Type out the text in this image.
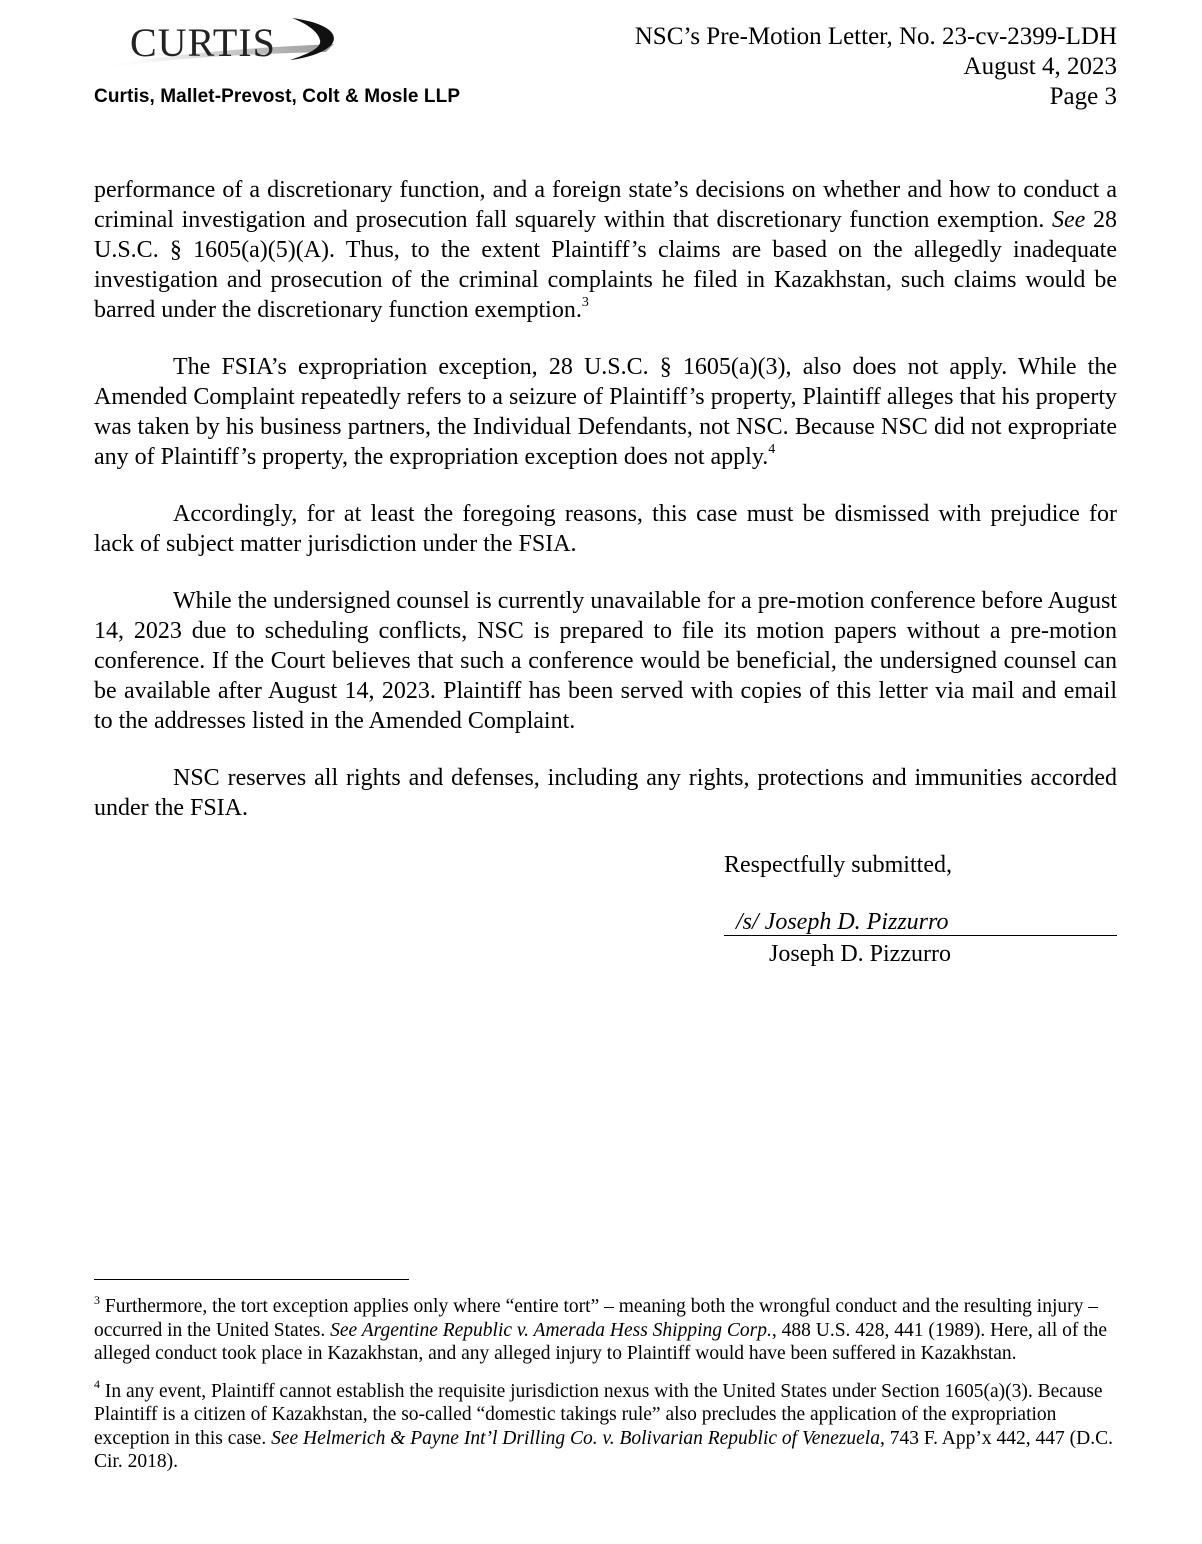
CURTIS
Curtis, Mallet-Prevost, Colt & Mosle LLP
NSC’s Pre-Motion Letter, No. 23-cv-2399-LDH
August 4, 2023
Page 3

performance of a discretionary function, and a foreign state’s decisions on whether and how to conduct a criminal investigation and prosecution fall squarely within that discretionary function exemption. See 28 U.S.C. § 1605(a)(5)(A). Thus, to the extent Plaintiff’s claims are based on the allegedly inadequate investigation and prosecution of the criminal complaints he filed in Kazakhstan, such claims would be barred under the discretionary function exemption.$^3$

The FSIA’s expropriation exception, 28 U.S.C. § 1605(a)(3), also does not apply. While the Amended Complaint repeatedly refers to a seizure of Plaintiff’s property, Plaintiff alleges that his property was taken by his business partners, the Individual Defendants, not NSC. Because NSC did not expropriate any of Plaintiff’s property, the expropriation exception does not apply.$^4$

Accordingly, for at least the foregoing reasons, this case must be dismissed with prejudice for lack of subject matter jurisdiction under the FSIA.

While the undersigned counsel is currently unavailable for a pre-motion conference before August 14, 2023 due to scheduling conflicts, NSC is prepared to file its motion papers without a pre-motion conference. If the Court believes that such a conference would be beneficial, the undersigned counsel can be available after August 14, 2023. Plaintiff has been served with copies of this letter via mail and email to the addresses listed in the Amended Complaint.

NSC reserves all rights and defenses, including any rights, protections and immunities accorded under the FSIA.

Respectfully submitted,
/s/ Joseph D. Pizzurro
Joseph D. Pizzurro

$^3$ Furthermore, the tort exception applies only where “entire tort” – meaning both the wrongful conduct and the resulting injury – occurred in the United States. See Argentine Republic v. Amerada Hess Shipping Corp., 488 U.S. 428, 441 (1989). Here, all of the alleged conduct took place in Kazakhstan, and any alleged injury to Plaintiff would have been suffered in Kazakhstan.

$^4$ In any event, Plaintiff cannot establish the requisite jurisdiction nexus with the United States under Section 1605(a)(3). Because Plaintiff is a citizen of Kazakhstan, the so-called “domestic takings rule” also precludes the application of the expropriation exception in this case. See Helmerich & Payne Int’l Drilling Co. v. Bolivarian Republic of Venezuela, 743 F. App’x 442, 447 (D.C. Cir. 2018).
